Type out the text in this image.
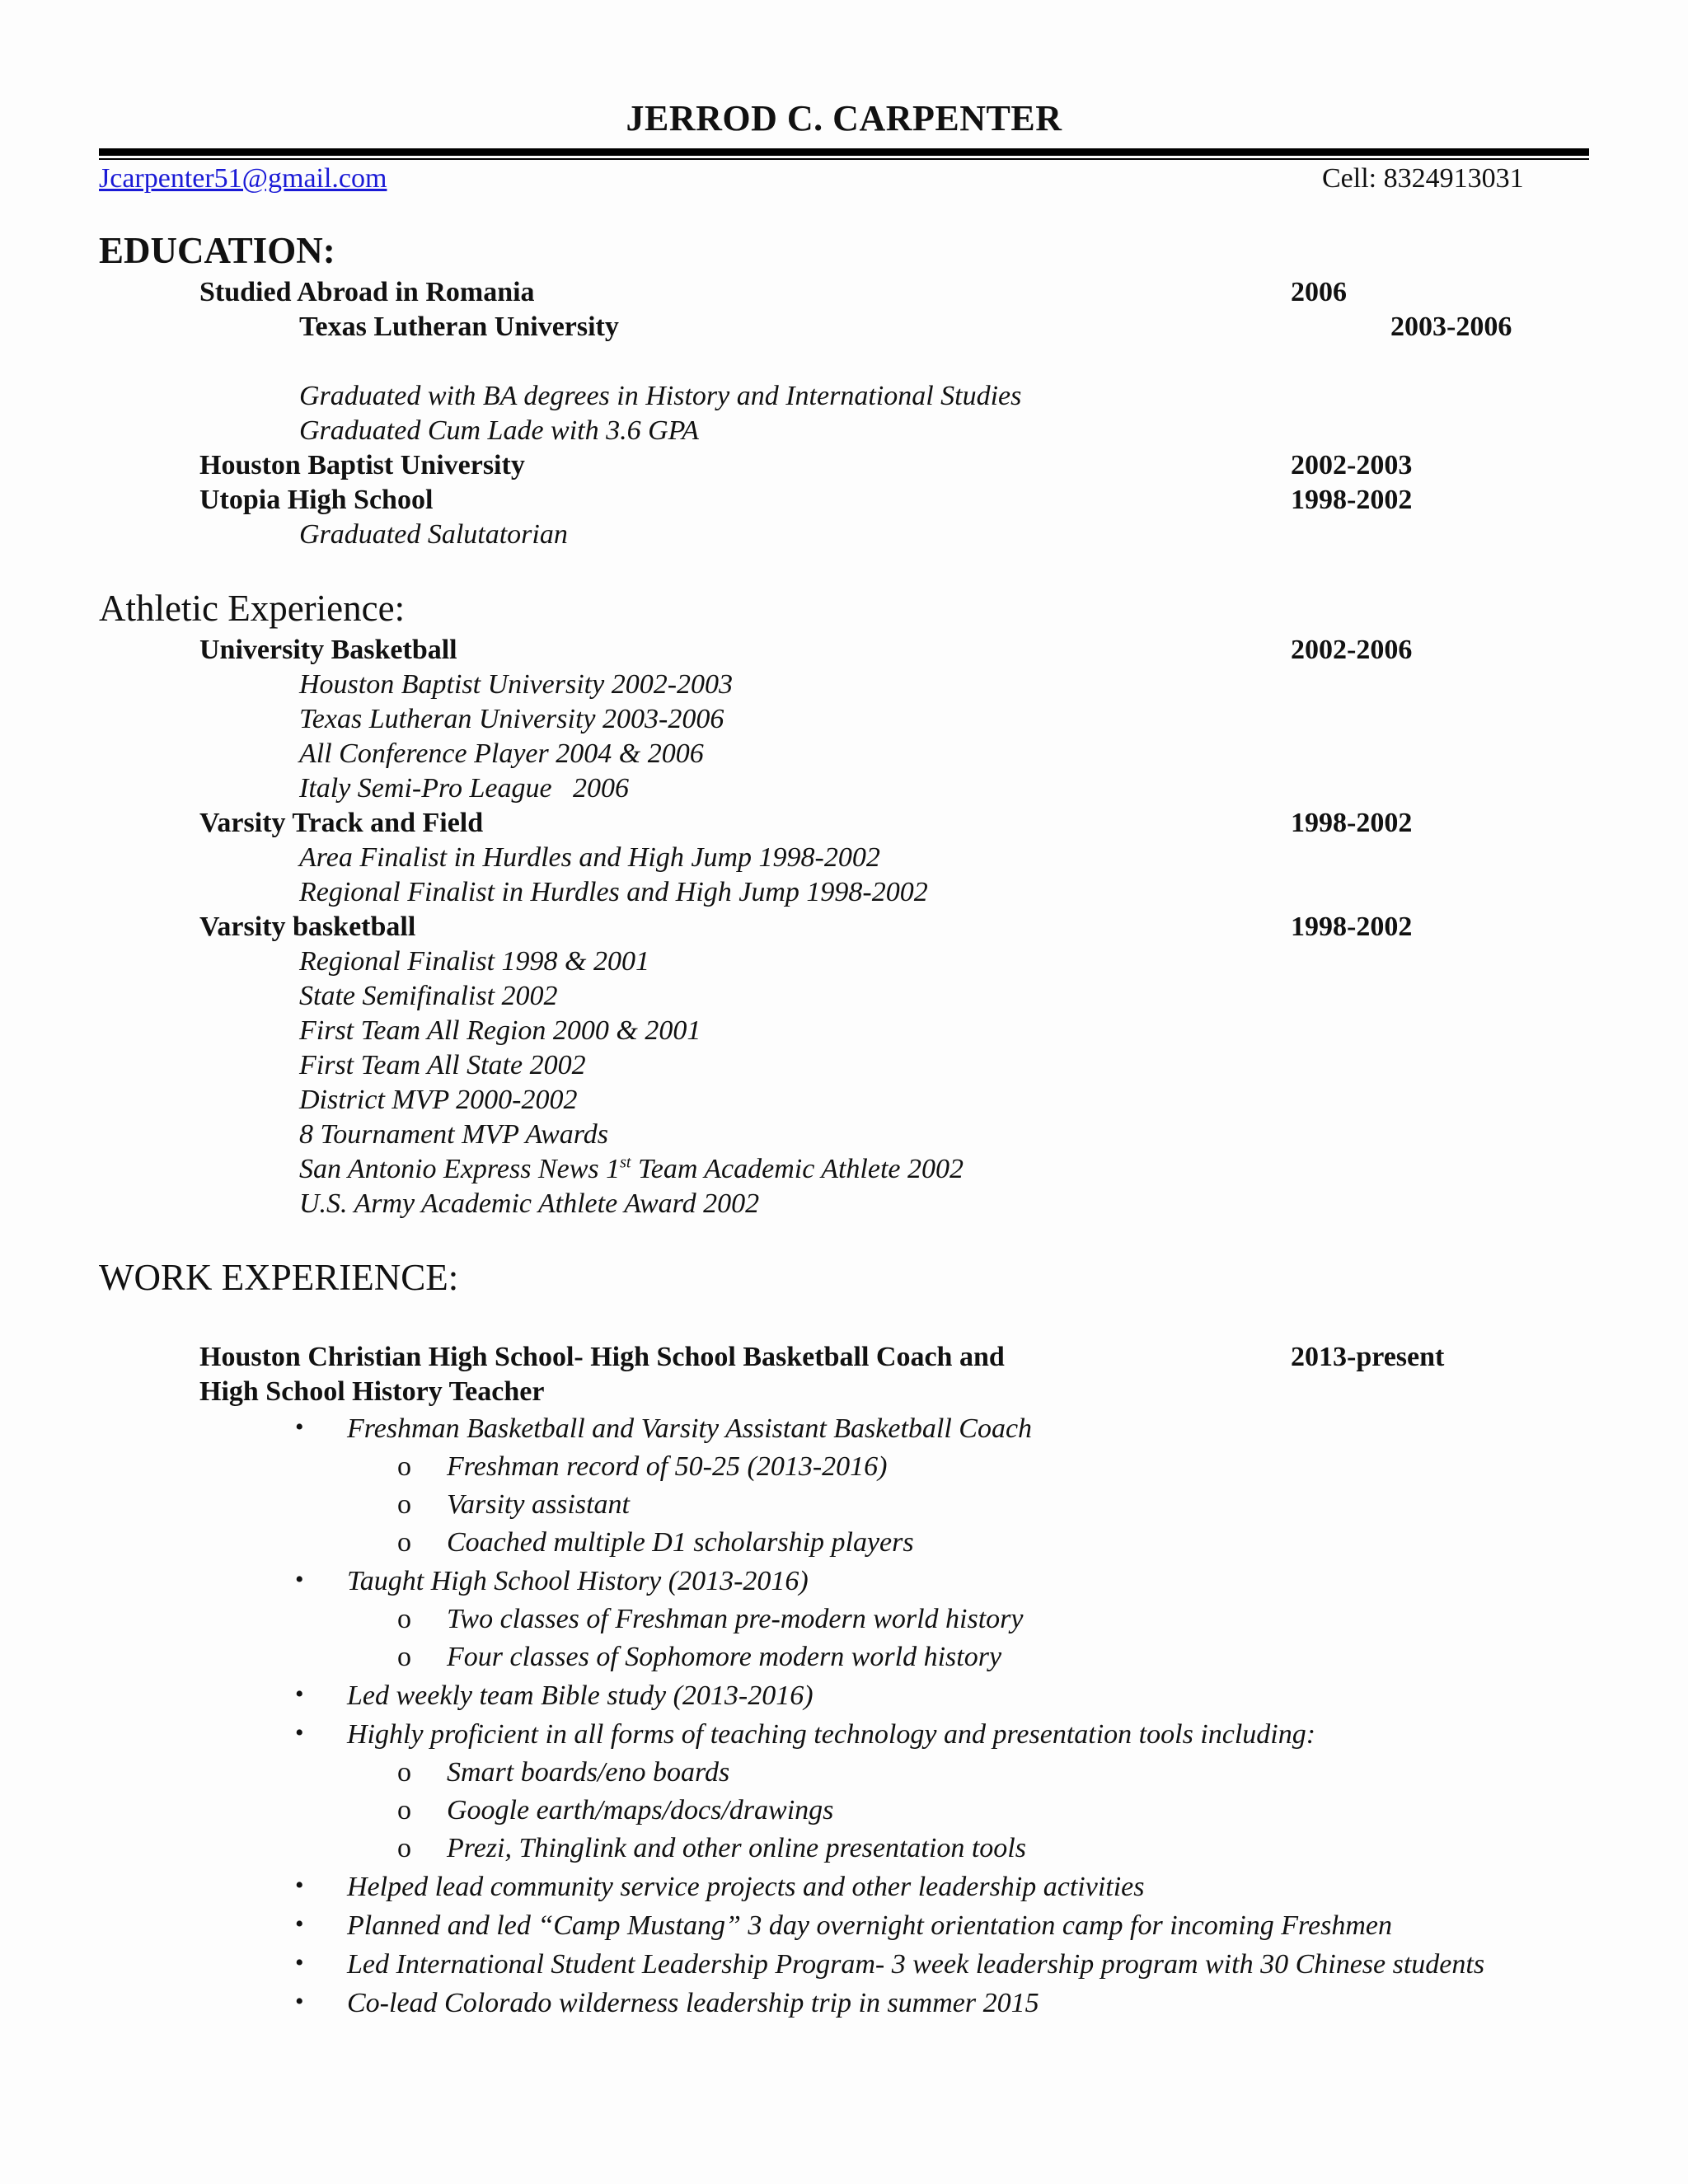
JERROD C. CARPENTER
Jcarpenter51@gmail.com	Cell: 8324913031
EDUCATION:
Studied Abroad in Romania	2006
Texas Lutheran University	2003-2006
Graduated with BA degrees in History and International Studies
Graduated Cum Lade with 3.6 GPA
Houston Baptist University	2002-2003
Utopia High School	1998-2002
Graduated Salutatorian
Athletic Experience:
University Basketball	2002-2006
Houston Baptist University 2002-2003
Texas Lutheran University 2003-2006
All Conference Player 2004 & 2006
Italy Semi-Pro League   2006
Varsity Track and Field	1998-2002
Area Finalist in Hurdles and High Jump 1998-2002
Regional Finalist in Hurdles and High Jump 1998-2002
Varsity basketball	1998-2002
Regional Finalist 1998 & 2001
State Semifinalist 2002
First Team All Region 2000 & 2001
First Team All State 2002
District MVP 2000-2002
8 Tournament MVP Awards
San Antonio Express News 1st Team Academic Athlete 2002
U.S. Army Academic Athlete Award 2002
WORK EXPERIENCE:
Houston Christian High School- High School Basketball Coach and	2013-present
High School History Teacher
• Freshman Basketball and Varsity Assistant Basketball Coach
o Freshman record of 50-25 (2013-2016)
o Varsity assistant
o Coached multiple D1 scholarship players
• Taught High School History (2013-2016)
o Two classes of Freshman pre-modern world history
o Four classes of Sophomore modern world history
• Led weekly team Bible study (2013-2016)
• Highly proficient in all forms of teaching technology and presentation tools including:
o Smart boards/eno boards
o Google earth/maps/docs/drawings
o Prezi, Thinglink and other online presentation tools
• Helped lead community service projects and other leadership activities
• Planned and led “Camp Mustang” 3 day overnight orientation camp for incoming Freshmen
• Led International Student Leadership Program- 3 week leadership program with 30 Chinese students
• Co-lead Colorado wilderness leadership trip in summer 2015
